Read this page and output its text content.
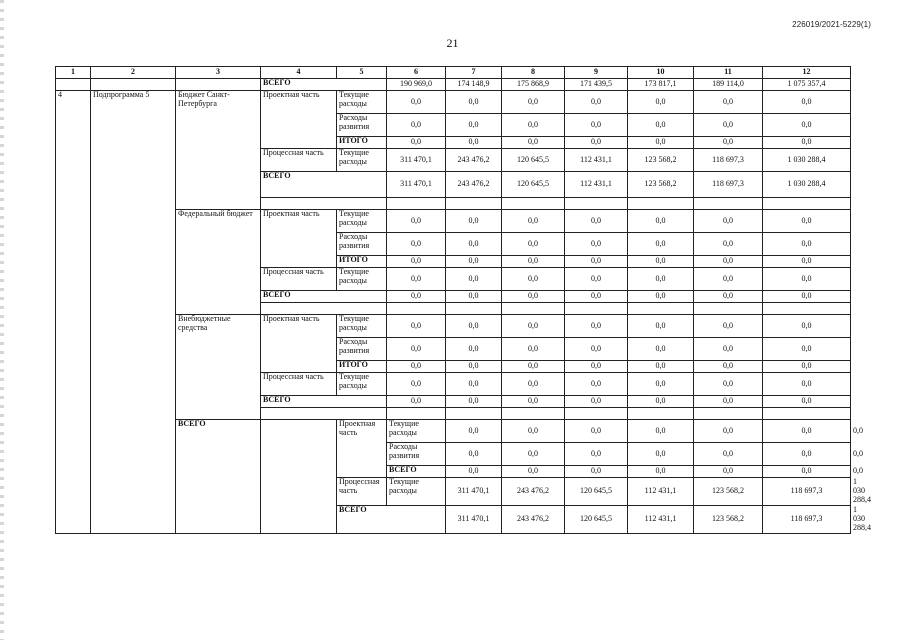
226019/2021-5229(1)
21
1	2	3	4	5	6	7	8	9	10	11	12	
			ВСЕГО		190 969,0	174 148,9	175 868,9	171 439,5	173 817,1	189 114,0	1 075 357,4	
4	Подпрограмма 5	Бюджет Санкт-Петербурга	Проектная часть	Текущие расходы	0,0	0,0	0,0	0,0	0,0	0,0	0,0	
				Расходы развития	0,0	0,0	0,0	0,0	0,0	0,0	0,0	
				ИТОГО	0,0	0,0	0,0	0,0	0,0	0,0	0,0	
			Процессная часть	Текущие расходы	311 470,1	243 476,2	120 645,5	112 431,1	123 568,2	118 697,3	1 030 288,4	
			ВСЕГО		311 470,1	243 476,2	120 645,5	112 431,1	123 568,2	118 697,3	1 030 288,4	

		Федеральный бюджет	Проектная часть	Текущие расходы	0,0	0,0	0,0	0,0	0,0	0,0	0,0	
				Расходы развития	0,0	0,0	0,0	0,0	0,0	0,0	0,0	
				ИТОГО	0,0	0,0	0,0	0,0	0,0	0,0	0,0	
			Процессная часть	Текущие расходы	0,0	0,0	0,0	0,0	0,0	0,0	0,0	
			ВСЕГО		0,0	0,0	0,0	0,0	0,0	0,0	0,0	

		Внебюджетные средства	Проектная часть	Текущие расходы	0,0	0,0	0,0	0,0	0,0	0,0	0,0	
				Расходы развития	0,0	0,0	0,0	0,0	0,0	0,0	0,0	
				ИТОГО	0,0	0,0	0,0	0,0	0,0	0,0	0,0	
			Процессная часть	Текущие расходы	0,0	0,0	0,0	0,0	0,0	0,0	0,0	
			ВСЕГО		0,0	0,0	0,0	0,0	0,0	0,0	0,0	

		ВСЕГО		Проектная часть	Текущие расходы	0,0	0,0	0,0	0,0	0,0	0,0	0,0
					Расходы развития	0,0	0,0	0,0	0,0	0,0	0,0	0,0
					ВСЕГО	0,0	0,0	0,0	0,0	0,0	0,0	0,0
				Процессная часть	Текущие расходы	311 470,1	243 476,2	120 645,5	112 431,1	123 568,2	118 697,3	1 030 288,4
				ВСЕГО		311 470,1	243 476,2	120 645,5	112 431,1	123 568,2	118 697,3	1 030 288,4
